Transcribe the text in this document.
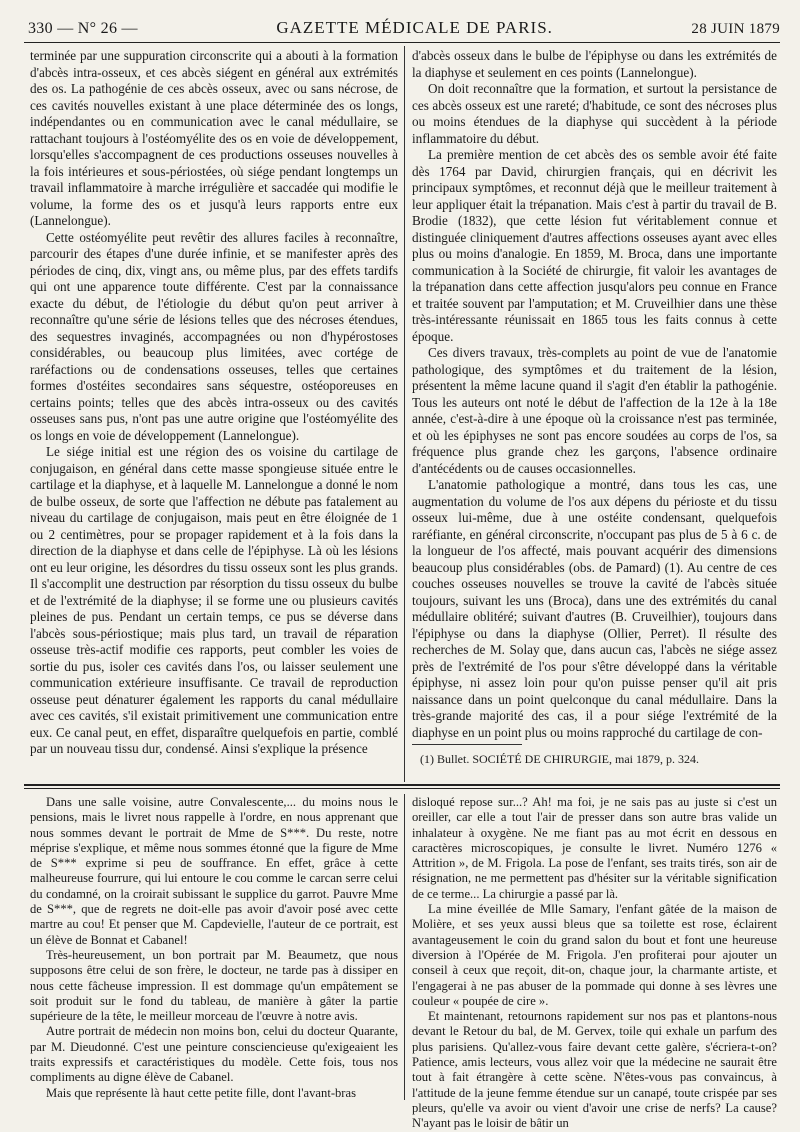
330 — N° 26 —	GAZETTE MÉDICALE DE PARIS.	28 JUIN 1879

terminée par une suppuration circonscrite qui a abouti à la formation d'abcès intra-osseux, et ces abcès siégent en général aux extrémités des os. La pathogénie de ces abcès osseux, avec ou sans nécrose, de ces cavités nouvelles existant à une place déterminée des os longs, indépendantes ou en communication avec le canal médullaire, se rattachant toujours à l'ostéomyélite des os en voie de développement, lorsqu'elles s'accompagnent de ces productions osseuses nouvelles à la fois intérieures et sous-périostées, où siége pendant longtemps un travail inflammatoire à marche irrégulière et saccadée qui modifie le volume, la forme des os et jusqu'à leurs rapports entre eux (Lannelongue).

Cette ostéomyélite peut revêtir des allures faciles à reconnaître, parcourir des étapes d'une durée infinie, et se manifester après des périodes de cinq, dix, vingt ans, ou même plus, par des effets tardifs qui ont une apparence toute différente. C'est par la connaissance exacte du début, de l'étiologie du début qu'on peut arriver à reconnaître qu'une série de lésions telles que des nécroses étendues, des sequestres invaginés, accompagnées ou non d'hypérostoses considérables, ou beaucoup plus limitées, avec cortége de raréfactions ou de condensations osseuses, telles que certaines formes d'ostéites secondaires sans séquestre, ostéoporeuses en certains points; telles que des abcès intra-osseux ou des cavités osseuses sans pus, n'ont pas une autre origine que l'ostéomyélite des os longs en voie de développement (Lannelongue).

Le siége initial est une région des os voisine du cartilage de conjugaison, en général dans cette masse spongieuse située entre le cartilage et la diaphyse, et à laquelle M. Lannelongue a donné le nom de bulbe osseux, de sorte que l'affection ne débute pas fatalement au niveau du cartilage de conjugaison, mais peut en être éloignée de 1 ou 2 centimètres, pour se propager rapidement et à la fois dans la direction de la diaphyse et dans celle de l'épiphyse. Là où les lésions ont eu leur origine, les désordres du tissu osseux sont les plus grands. Il s'accomplit une destruction par résorption du tissu osseux du bulbe et de l'extrémité de la diaphyse; il se forme une ou plusieurs cavités pleines de pus. Pendant un certain temps, ce pus se déverse dans l'abcès sous-périostique; mais plus tard, un travail de réparation osseuse très-actif modifie ces rapports, peut combler les voies de sortie du pus, isoler ces cavités dans l'os, ou laisser seulement une communication extérieure insuffisante. Ce travail de reproduction osseuse peut dénaturer également les rapports du canal médullaire avec ces cavités, s'il existait primitivement une communication entre eux. Ce canal peut, en effet, disparaître quelquefois en partie, comblé par un nouveau tissu dur, condensé. Ainsi s'explique la présence

d'abcès osseux dans le bulbe de l'épiphyse ou dans les extrémités de la diaphyse et seulement en ces points (Lannelongue).

On doit reconnaître que la formation, et surtout la persistance de ces abcès osseux est une rareté; d'habitude, ce sont des nécroses plus ou moins étendues de la diaphyse qui succèdent à la période inflammatoire du début.

La première mention de cet abcès des os semble avoir été faite dès 1764 par David, chirurgien français, qui en décrivit les principaux symptômes, et reconnut déjà que le meilleur traitement à leur appliquer était la trépanation. Mais c'est à partir du travail de B. Brodie (1832), que cette lésion fut véritablement connue et distinguée cliniquement d'autres affections osseuses ayant avec elles plus ou moins d'analogie. En 1859, M. Broca, dans une importante communication à la Société de chirurgie, fit valoir les avantages de la trépanation dans cette affection jusqu'alors peu connue en France et traitée souvent par l'amputation; et M. Cruveilhier dans une thèse très-intéressante réunissait en 1865 tous les faits connus à cette époque.

Ces divers travaux, très-complets au point de vue de l'anatomie pathologique, des symptômes et du traitement de la lésion, présentent la même lacune quand il s'agit d'en établir la pathogénie. Tous les auteurs ont noté le début de l'affection de la 12e à la 18e année, c'est-à-dire à une époque où la croissance n'est pas terminée, et où les épiphyses ne sont pas encore soudées au corps de l'os, sa fréquence plus grande chez les garçons, l'absence ordinaire d'antécédents ou de causes occasionnelles.

L'anatomie pathologique a montré, dans tous les cas, une augmentation du volume de l'os aux dépens du périoste et du tissu osseux lui-même, due à une ostéite condensant, quelquefois raréfiante, en général circonscrite, n'occupant pas plus de 5 à 6 c. de la longueur de l'os affecté, mais pouvant acquérir des dimensions beaucoup plus considérables (obs. de Pamard) (1). Au centre de ces couches osseuses nouvelles se trouve la cavité de l'abcès située toujours, suivant les uns (Broca), dans une des extrémités du canal médullaire oblitéré; suivant d'autres (B. Cruveilhier), toujours dans l'épiphyse ou dans la diaphyse (Ollier, Perret). Il résulte des recherches de M. Solay que, dans aucun cas, l'abcès ne siége assez près de l'extrémité de l'os pour s'être développé dans la véritable épiphyse, ni assez loin pour qu'on puisse penser qu'il ait pris naissance dans un point quelconque du canal médullaire. Dans la très-grande majorité des cas, il a pour siége l'extrémité de la diaphyse en un point plus ou moins rapproché du cartilage de con-

(1) Bullet. SOCIÉTÉ DE CHIRURGIE, mai 1879, p. 324.

Dans une salle voisine, autre Convalescente,... du moins nous le pensions, mais le livret nous rappelle à l'ordre, en nous apprenant que nous sommes devant le portrait de Mme de S***. Du reste, notre méprise s'explique, et même nous sommes étonné que la figure de Mme de S*** exprime si peu de souffrance. En effet, grâce à cette malheureuse fourrure, qui lui entoure le cou comme le carcan serre celui du condamné, on la croirait subissant le supplice du garrot. Pauvre Mme de S***, que de regrets ne doit-elle pas avoir d'avoir posé avec cette martre au cou! Et penser que M. Capdevielle, l'auteur de ce portrait, est un élève de Bonnat et Cabanel!

Très-heureusement, un bon portrait par M. Beaumetz, que nous supposons être celui de son frère, le docteur, ne tarde pas à dissiper en nous cette fâcheuse impression. Il est dommage qu'un empâtement se soit produit sur le fond du tableau, de manière à gâter la partie supérieure de la tête, le meilleur morceau de l'œuvre à notre avis.

Autre portrait de médecin non moins bon, celui du docteur Quarante, par M. Dieudonné. C'est une peinture consciencieuse qu'exigeaient les traits expressifs et caractéristiques du modèle. Cette fois, tous nos compliments au digne élève de Cabanel.

Mais que représente là haut cette petite fille, dont l'avant-bras

disloqué repose sur...? Ah! ma foi, je ne sais pas au juste si c'est un oreiller, car elle a tout l'air de presser dans son autre bras valide un inhalateur à oxygène. Ne me fiant pas au mot écrit en dessous en caractères microscopiques, je consulte le livret. Numéro 1276 « Attrition », de M. Frigola. La pose de l'enfant, ses traits tirés, son air de résignation, ne me permettent pas d'hésiter sur la véritable signification de ce terme... La chirurgie a passé par là.

La mine éveillée de Mlle Samary, l'enfant gâtée de la maison de Molière, et ses yeux aussi bleus que sa toilette est rose, éclairent avantageusement le coin du grand salon du bout et font une heureuse diversion à l'Opérée de M. Frigola. J'en profiterai pour ajouter un conseil à ceux que reçoit, dit-on, chaque jour, la charmante artiste, et l'engagerai à ne pas abuser de la pommade qui donne à ses lèvres une couleur « poupée de cire ».

Et maintenant, retournons rapidement sur nos pas et plantons-nous devant le Retour du bal, de M. Gervex, toile qui exhale un parfum des plus parisiens. Qu'allez-vous faire devant cette galère, s'écriera-t-on? Patience, amis lecteurs, vous allez voir que la médecine ne saurait être tout à fait étrangère à cette scène. N'êtes-vous pas convaincus, à l'attitude de la jeune femme étendue sur un canapé, toute crispée par ses pleurs, qu'elle va avoir ou vient d'avoir une crise de nerfs? La cause? N'ayant pas le loisir de bâtir un
